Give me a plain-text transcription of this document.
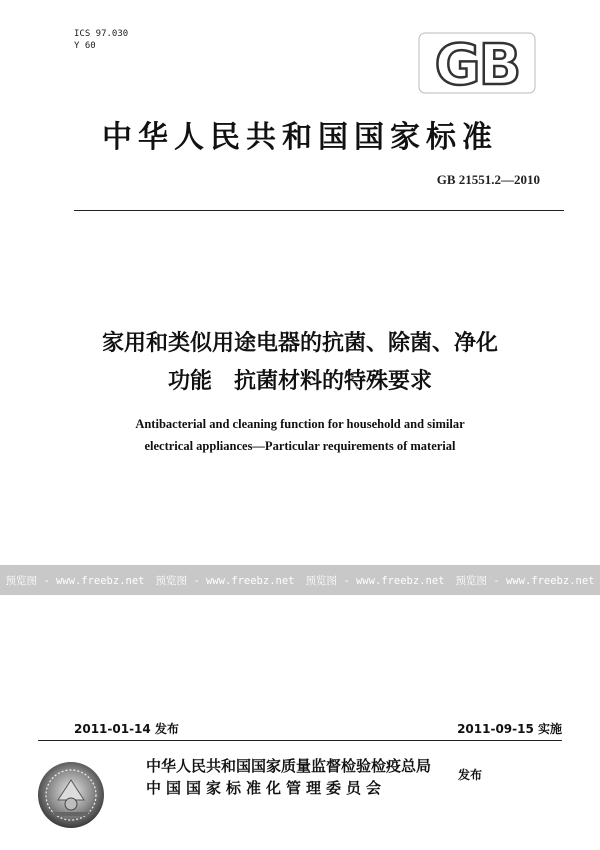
ICS 97.030
Y 60	GB
中华人民共和国国家标准
GB 21551.2—2010
家用和类似用途电器的抗菌、除菌、净化
功能　抗菌材料的特殊要求
Antibacterial and cleaning function for household and similar
electrical appliances—Particular requirements of material
预览图 - www.freebz.net 预览图 - www.freebz.net 预览图 - www.freebz.net 预览图 - www.freebz.net
2011-01-14 发布	2011-09-15 实施
中华人民共和国国家质量监督检验检疫总局
中国国家标准化管理委员会
发布
